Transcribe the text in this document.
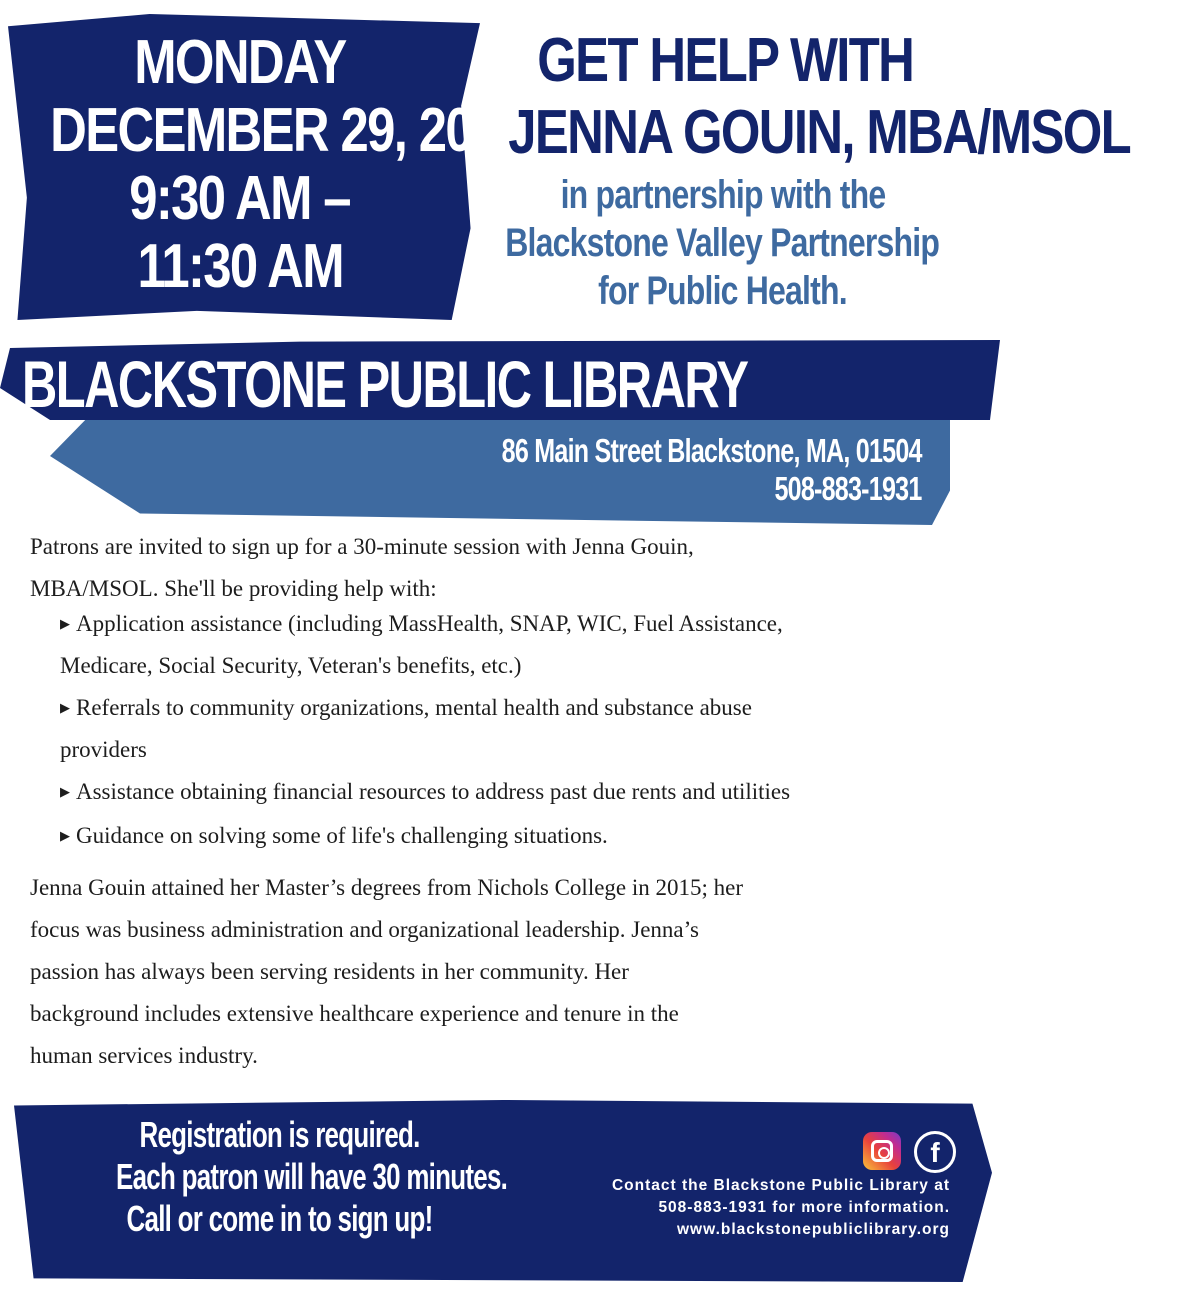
MONDAY
DECEMBER 29, 2025
9:30 AM –
11:30 AM
GET HELP WITH
JENNA GOUIN, MBA/MSOL
in partnership with the
Blackstone Valley Partnership
for Public Health.
BLACKSTONE PUBLIC LIBRARY
86 Main Street Blackstone, MA, 01504
508-883-1931
Patrons are invited to sign up for a 30-minute session with Jenna Gouin,
MBA/MSOL. She'll be providing help with:
▶ Application assistance (including MassHealth, SNAP, WIC, Fuel Assistance,
Medicare, Social Security, Veteran's benefits, etc.)
▶ Referrals to community organizations, mental health and substance abuse
providers
▶ Assistance obtaining financial resources to address past due rents and utilities
▶ Guidance on solving some of life's challenging situations.
Jenna Gouin attained her Master’s degrees from Nichols College in 2015; her
focus was business administration and organizational leadership. Jenna’s
passion has always been serving residents in her community. Her
background includes extensive healthcare experience and tenure in the
human services industry.
Registration is required.
Each patron will have 30 minutes.
Call or come in to sign up!
f
Contact the Blackstone Public Library at
508-883-1931 for more information.
www.blackstonepubliclibrary.org
